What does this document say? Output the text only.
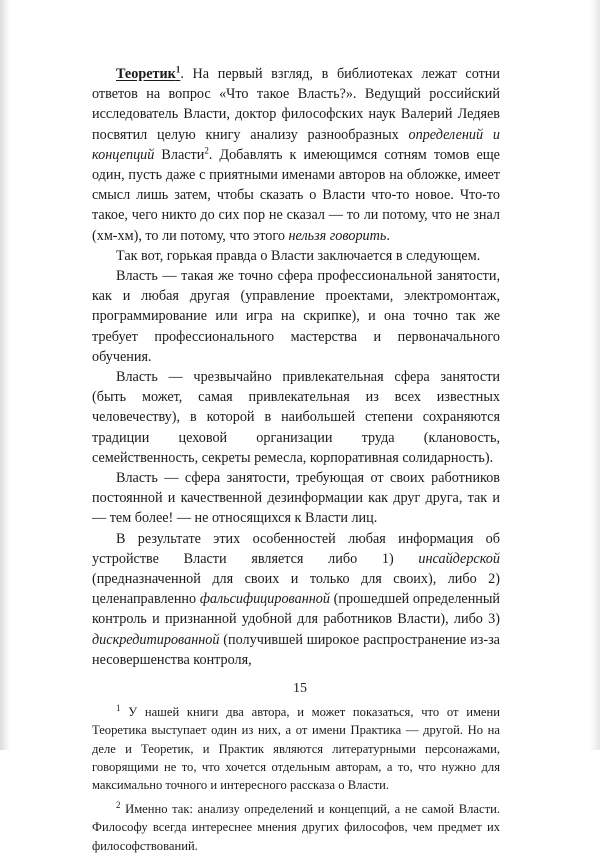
Теоретик$^1$. На первый взгляд, в библиотеках лежат сотни ответов на вопрос «Что такое Власть?». Ведущий российский исследователь Власти, доктор философских наук Валерий Ледяев посвятил целую книгу анализу разнообразных определений и концепций Власти$^2$. Добавлять к имеющимся сотням томов еще один, пусть даже с приятными именами авторов на обложке, имеет смысл лишь затем, чтобы сказать о Власти что-то новое. Что-то такое, чего никто до сих пор не сказал — то ли потому, что не знал (хм-хм), то ли потому, что этого нельзя говорить.

Так вот, горькая правда о Власти заключается в следующем.

Власть — такая же точно сфера профессиональной занятости, как и любая другая (управление проектами, электромонтаж, программирование или игра на скрипке), и она точно так же требует профессионального мастерства и первоначального обучения.

Власть — чрезвычайно привлекательная сфера занятости (быть может, самая привлекательная из всех известных человечеству), в которой в наибольшей степени сохраняются традиции цеховой организации труда (клановость, семейственность, секреты ремесла, корпоративная солидарность).

Власть — сфера занятости, требующая от своих работников постоянной и качественной дезинформации как друг друга, так и — тем более! — не относящихся к Власти лиц.

В результате этих особенностей любая информация об устройстве Власти является либо 1) инсайдерской (предназначенной для своих и только для своих), либо 2) целенаправленно фальсифицированной (прошедшей определенный контроль и признанной удобной для работников Власти), либо 3) дискредитированной (получившей широкое распространение из-за несовершенства контроля,

$^1$ У нашей книги два автора, и может показаться, что от имени Теоретика выступает один из них, а от имени Практика — другой. Но на деле и Теоретик, и Практик являются литературными персонажами, говорящими не то, что хочется отдельным авторам, а то, что нужно для максимально точного и интересного рассказа о Власти.

$^2$ Именно так: анализу определений и концепций, а не самой Власти. Философу всегда интереснее мнения других философов, чем предмет их философствований.

15
